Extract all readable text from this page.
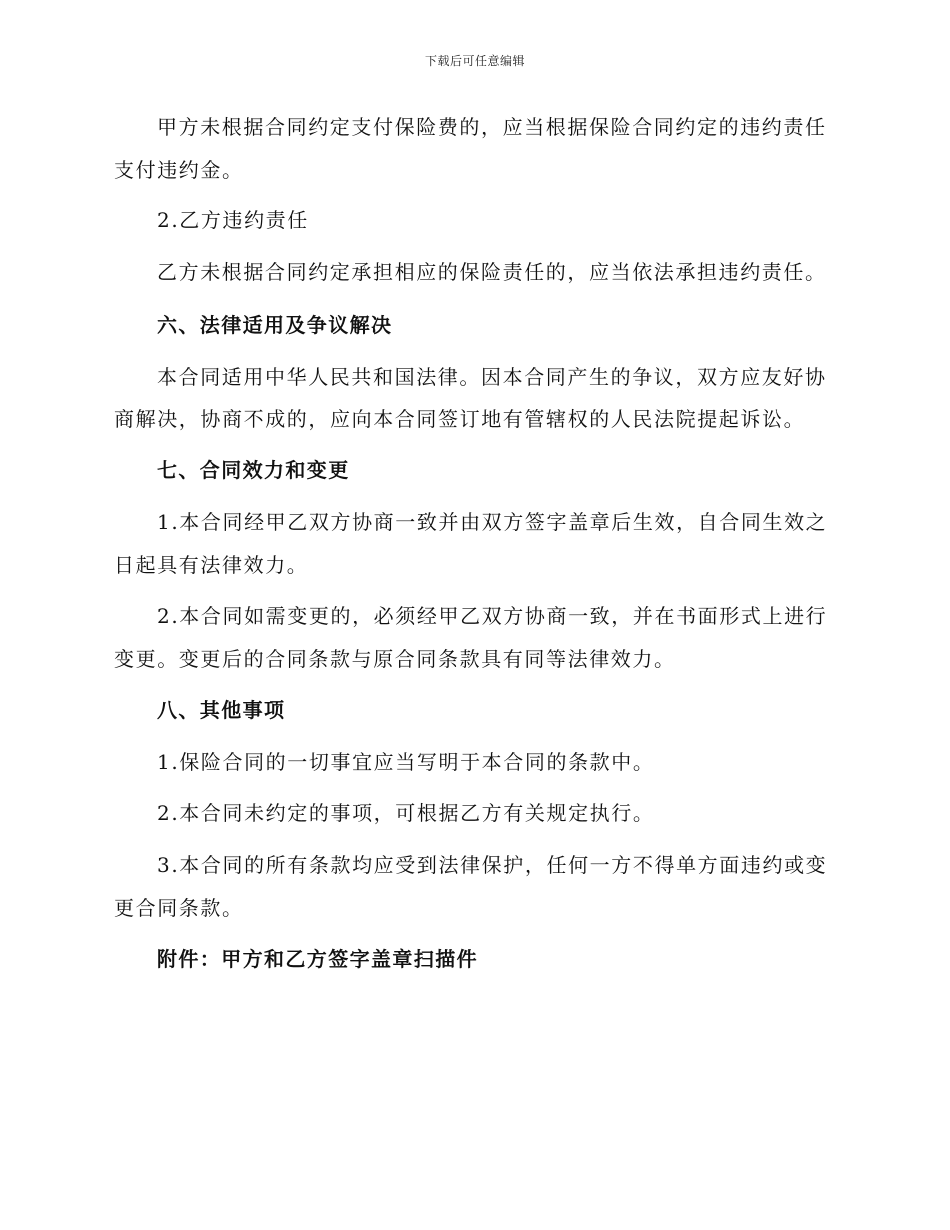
下载后可任意编辑
甲方未根据合同约定支付保险费的，应当根据保险合同约定的违约责任
支付违约金。
2.乙方违约责任
乙方未根据合同约定承担相应的保险责任的，应当依法承担违约责任。
六、法律适用及争议解决
本合同适用中华人民共和国法律。因本合同产生的争议，双方应友好协
商解决，协商不成的，应向本合同签订地有管辖权的人民法院提起诉讼。
七、合同效力和变更
1.本合同经甲乙双方协商一致并由双方签字盖章后生效，自合同生效之
日起具有法律效力。
2.本合同如需变更的，必须经甲乙双方协商一致，并在书面形式上进行
变更。变更后的合同条款与原合同条款具有同等法律效力。
八、其他事项
1.保险合同的一切事宜应当写明于本合同的条款中。
2.本合同未约定的事项，可根据乙方有关规定执行。
3.本合同的所有条款均应受到法律保护，任何一方不得单方面违约或变
更合同条款。
附件：甲方和乙方签字盖章扫描件
